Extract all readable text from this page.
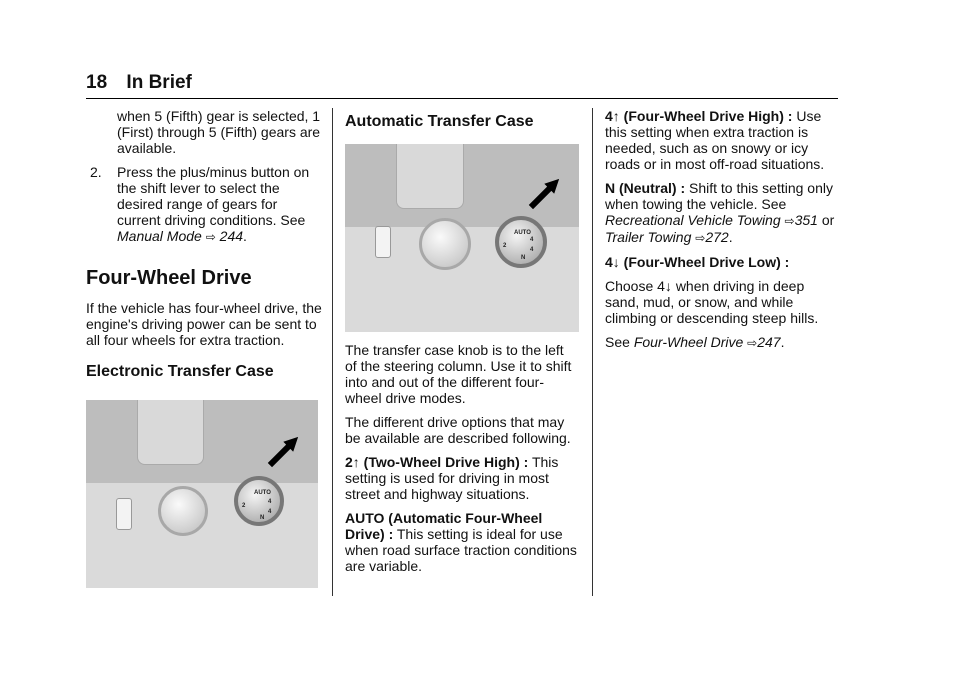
18 In Brief

when 5 (Fifth) gear is selected, 1 (First) through 5 (Fifth) gears are available.

2. Press the plus/minus button on the shift lever to select the desired range of gears for current driving conditions. See Manual Mode ⇨ 244.

Four-Wheel Drive

If the vehicle has four-wheel drive, the engine's driving power can be sent to all four wheels for extra traction.

Electronic Transfer Case
AUTO
2
4
4
N
Automatic Transfer Case
AUTO
2
4
4
N

The transfer case knob is to the left of the steering column. Use it to shift into and out of the different four-wheel drive modes.

The different drive options that may be available are described following.

2↑ (Two-Wheel Drive High) : This setting is used for driving in most street and highway situations.

AUTO (Automatic Four-Wheel Drive) : This setting is ideal for use when road surface traction conditions are variable.

4↑ (Four-Wheel Drive High) : Use this setting when extra traction is needed, such as on snowy or icy roads or in most off-road situations.

N (Neutral) : Shift to this setting only when towing the vehicle. See Recreational Vehicle Towing ⇨351 or Trailer Towing ⇨272.

4↓ (Four-Wheel Drive Low) :

Choose 4↓ when driving in deep sand, mud, or snow, and while climbing or descending steep hills.

See Four-Wheel Drive ⇨247.
